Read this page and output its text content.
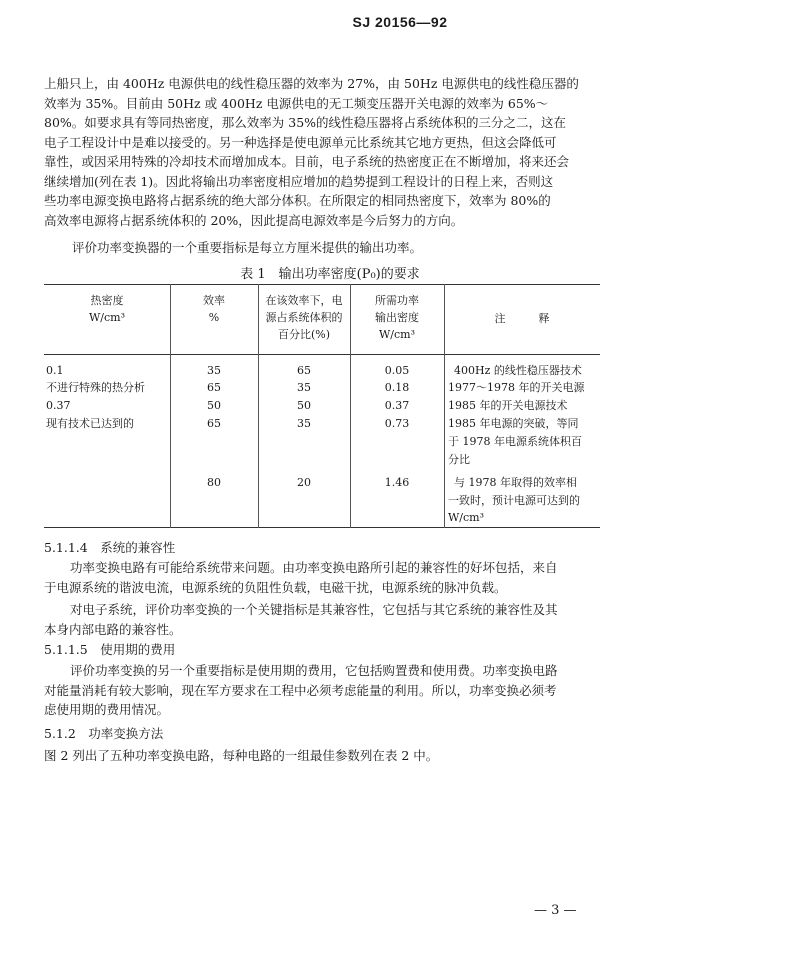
SJ 20156—92
上船只上，由 400Hz 电源供电的线性稳压器的效率为 27%，由 50Hz 电源供电的线性稳压器的
效率为 35%。目前由 50Hz 或 400Hz 电源供电的无工频变压器开关电源的效率为 65%～
80%。如要求具有等同热密度，那么效率为 35%的线性稳压器将占系统体积的三分之二，这在
电子工程设计中是难以接受的。另一种选择是使电源单元比系统其它地方更热，但这会降低可
靠性，或因采用特殊的冷却技术而增加成本。目前，电子系统的热密度正在不断增加，将来还会
继续增加(列在表 1)。因此将输出功率密度相应增加的趋势提到工程设计的日程上来，否则这
些功率电源变换电路将占据系统的绝大部分体积。在所限定的相同热密度下，效率为 80%的
高效率电源将占据系统体积的 20%，因此提高电源效率是今后努力的方向。
评价功率变换器的一个重要指标是每立方厘米提供的输出功率。
表 1　输出功率密度(P₀)的要求
热密度
W/cm³
效率
%
在该效率下，电
源占系统体积的
百分比(%)
所需功率
输出密度
W/cm³
注　　　释
0.1
不进行特殊的热分析
0.37
现有技术已达到的
35
65
50
65
80
65
35
50
35
20
0.05
0.18
0.37
0.73
1.46
400Hz 的线性稳压器技术
1977～1978 年的开关电源
1985 年的开关电源技术
1985 年电源的突破，等同
于 1978 年电源系统体积百
分比
与 1978 年取得的效率相
一致时，预计电源可达到的
W/cm³
5.1.1.4　系统的兼容性
功率变换电路有可能给系统带来问题。由功率变换电路所引起的兼容性的好坏包括，来自
于电源系统的谐波电流，电源系统的负阻性负载，电磁干扰，电源系统的脉冲负载。
对电子系统，评价功率变换的一个关键指标是其兼容性，它包括与其它系统的兼容性及其
本身内部电路的兼容性。
5.1.1.5　使用期的费用
评价功率变换的另一个重要指标是使用期的费用，它包括购置费和使用费。功率变换电路
对能量消耗有较大影响，现在军方要求在工程中必须考虑能量的利用。所以，功率变换必须考
虑使用期的费用情况。
5.1.2　功率变换方法
图 2 列出了五种功率变换电路，每种电路的一组最佳参数列在表 2 中。
— 3 —
